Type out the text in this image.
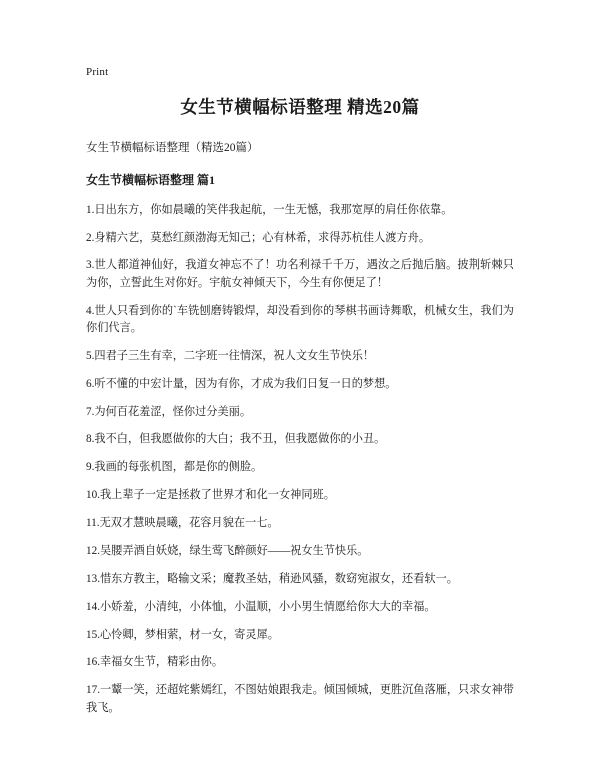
Print
女生节横幅标语整理 精选20篇

女生节横幅标语整理（精选20篇）

女生节横幅标语整理 篇1

1.日出东方，你如晨曦的笑伴我起航，一生无憾，我那宽厚的肩任你依靠。

2.身精六艺，莫愁红颜渤海无知己；心有林希，求得苏杭佳人渡方舟。

3.世人都道神仙好，我道女神忘不了！功名利禄千千万，遇汝之后抛后脑。披荆斩棘只为你，立誓此生对你好。宇航女神倾天下，今生有你便足了！

4.世人只看到你的`车铣刨磨铸锻焊，却没看到你的琴棋书画诗舞歌，机械女生，我们为你们代言。

5.四君子三生有幸，二字班一往情深，祝人文女生节快乐！

6.听不懂的中宏计量，因为有你，才成为我们日复一日的梦想。

7.为何百花羞涩，怪你过分美丽。

8.我不白，但我愿做你的大白；我不丑，但我愿做你的小丑。

9.我画的每张机图，都是你的侧脸。

10.我上辈子一定是拯救了世界才和化一女神同班。

11.无双才慧映晨曦，花容月貌在一七。

12.吴腰弄酒自妖娆，绿生莺飞醉颜好——祝女生节快乐。

13.惜东方教主，略输文采；魔教圣姑，稍逊风骚，数窈宛淑女，还看轪一。

14.小娇羞，小清纯，小体恤，小温顺，小小男生情愿给你大大的幸福。

15.心怜卿，梦相萦，材一女，寄灵犀。

16.幸福女生节，精彩由你。

17.一颦一笑，还超姹紫嫣红，不图姑娘跟我走。倾国倾城，更胜沉鱼落雁，只求女神带我飞。
